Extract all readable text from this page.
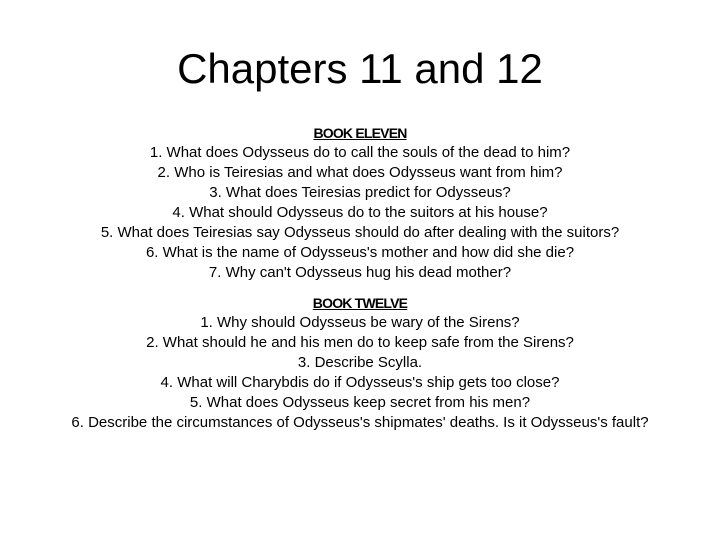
Chapters 11 and 12

BOOK ELEVEN

1. What does Odysseus do to call the souls of the dead to him?
2. Who is Teiresias and what does Odysseus want from him?
3. What does Teiresias predict for Odysseus?
4. What should Odysseus do to the suitors at his house?
5. What does Teiresias say Odysseus should do after dealing with the suitors?
6. What is the name of Odysseus's mother and how did she die?
7. Why can't Odysseus hug his dead mother?

BOOK TWELVE

1. Why should Odysseus be wary of the Sirens?
2. What should he and his men do to keep safe from the Sirens?
3. Describe Scylla.
4. What will Charybdis do if Odysseus's ship gets too close?
5. What does Odysseus keep secret from his men?
6. Describe the circumstances of Odysseus's shipmates' deaths. Is it Odysseus's fault?
